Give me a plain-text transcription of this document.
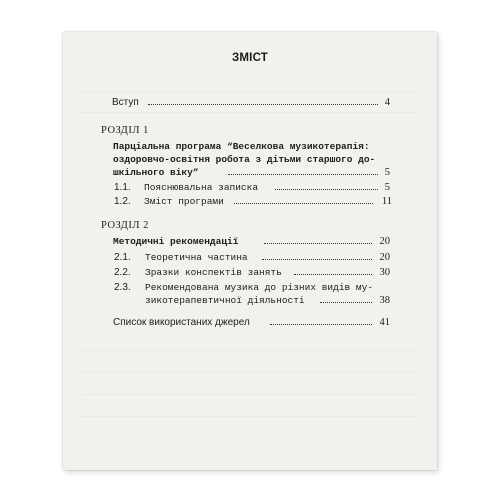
ЗМІСТ
Вступ	4
РОЗДІЛ 1
Парціальна програма “Веселкова музикотерапія:
оздоровчо-освітня робота з дітьми старшого до-
шкільного віку”	5
1.1. Пояснювальна записка	5
1.2. Зміст програми	11
РОЗДІЛ 2
Методичні рекомендації	20
2.1. Теоретична частина	20
2.2. Зразки конспектів занять	30
2.3. Рекомендована музика до різних видів му-
зикотерапевтичної діяльності	38
Список використаних джерел	41
